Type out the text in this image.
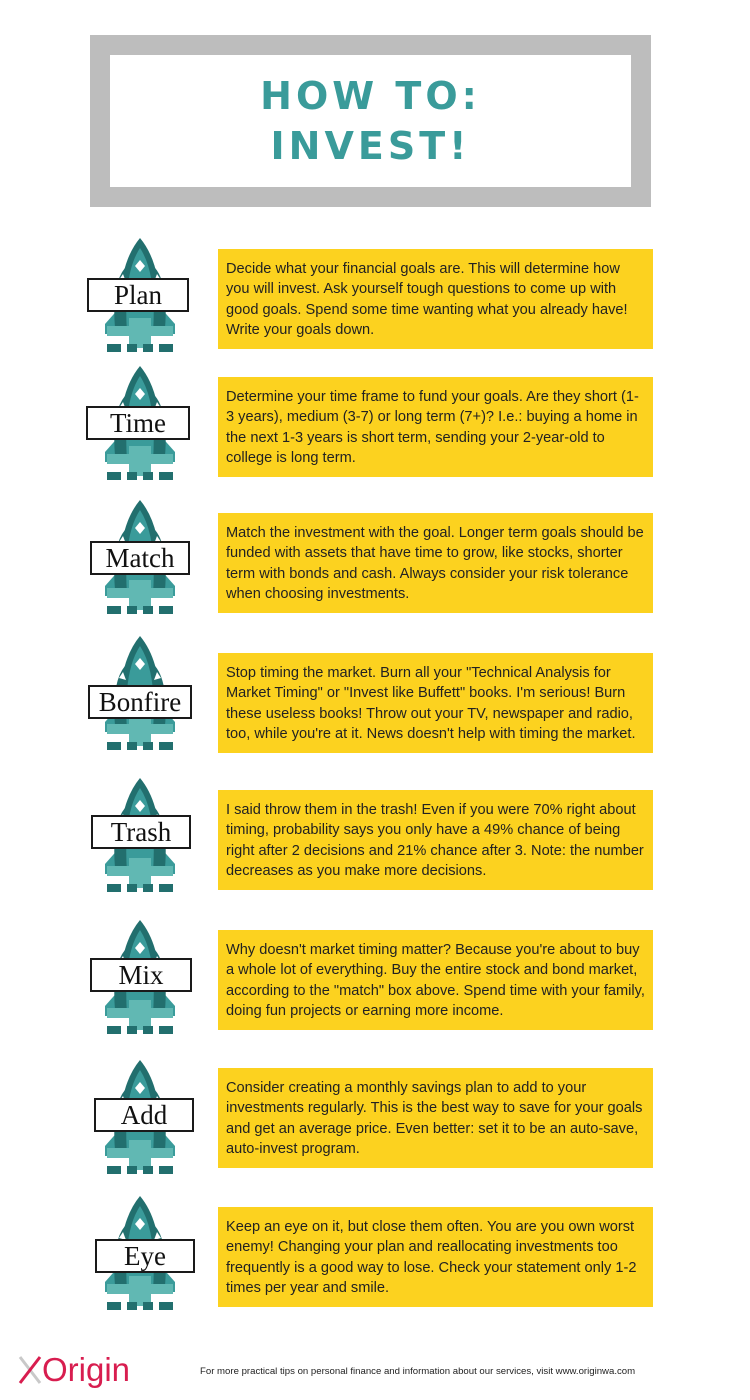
HOW TO:
INVEST!
Plan
Decide what your financial goals are. This will determine how you will invest. Ask yourself tough questions to come up with good goals. Spend some time wanting what you already have! Write your goals down.
Time
Determine your time frame to fund your goals. Are they short (1-3 years), medium (3-7) or long term (7+)? I.e.: buying a home in the next 1-3 years is short term, sending your 2-year-old to college is long term.
Match
Match the investment with the goal. Longer term goals should be funded with assets that have time to grow, like stocks, shorter term with bonds and cash. Always consider your risk tolerance when choosing investments.
Bonfire
Stop timing the market. Burn all your "Technical Analysis for Market Timing" or "Invest like Buffett" books. I'm serious! Burn these useless books! Throw out your TV, newspaper and radio, too, while you're at it. News doesn't help with timing the market.
Trash
I said throw them in the trash! Even if you were 70% right about timing, probability says you only have a 49% chance of being right after 2 decisions and 21% chance after 3. Note: the number decreases as you make more decisions.
Mix
Why doesn't market timing matter? Because you're about to buy a whole lot of everything. Buy the entire stock and bond market, according to the "match" box above. Spend time with your family, doing fun projects or earning more income.
Add
Consider creating a monthly savings plan to add to your investments regularly. This is the best way to save for your goals and get an average price. Even better: set it to be an auto-save, auto-invest program.
Eye
Keep an eye on it, but close them often. You are you own worst enemy! Changing your plan and reallocating investments too frequently is a good way to lose. Check your statement only 1-2 times per year and smile.
Origin	For more practical tips on personal finance and information about our services, visit www.originwa.com
